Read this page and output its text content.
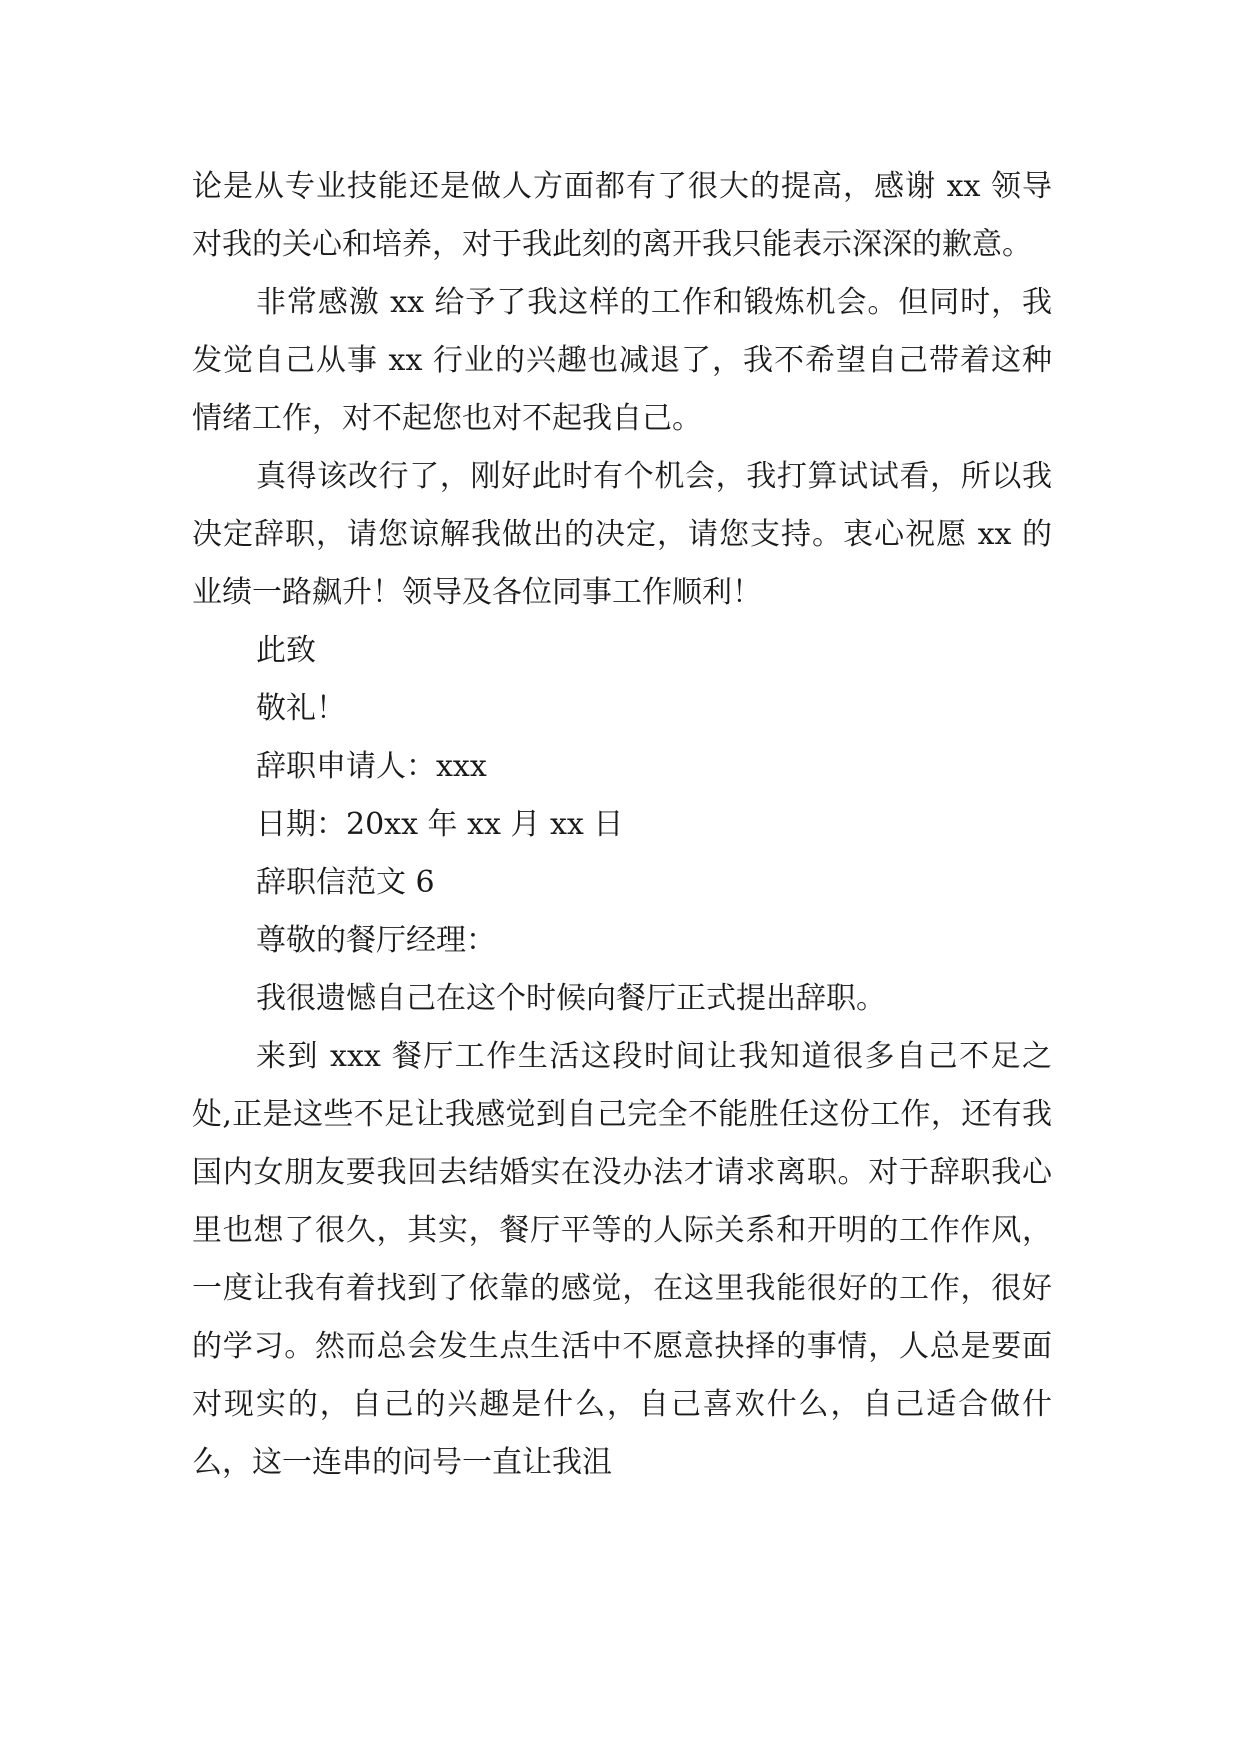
论是从专业技能还是做人方面都有了很大的提高，感谢 xx 领导对我的关心和培养，对于我此刻的离开我只能表示深深的歉意。

非常感激 xx 给予了我这样的工作和锻炼机会。但同时，我发觉自己从事 xx 行业的兴趣也减退了，我不希望自己带着这种情绪工作，对不起您也对不起我自己。

真得该改行了，刚好此时有个机会，我打算试试看，所以我决定辞职，请您谅解我做出的决定，请您支持。衷心祝愿 xx 的业绩一路飙升！领导及各位同事工作顺利！

此致

敬礼！

辞职申请人：xxx

日期：20xx 年 xx 月 xx 日

辞职信范文 6

尊敬的餐厅经理：

我很遗憾自己在这个时候向餐厅正式提出辞职。

来到 xxx 餐厅工作生活这段时间让我知道很多自己不足之处,正是这些不足让我感觉到自己完全不能胜任这份工作，还有我国内女朋友要我回去结婚实在没办法才请求离职。对于辞职我心里也想了很久，其实，餐厅平等的人际关系和开明的工作作风，一度让我有着找到了依靠的感觉，在这里我能很好的工作，很好的学习。然而总会发生点生活中不愿意抉择的事情，人总是要面对现实的，自己的兴趣是什么，自己喜欢什么，自己适合做什么，这一连串的问号一直让我沮
